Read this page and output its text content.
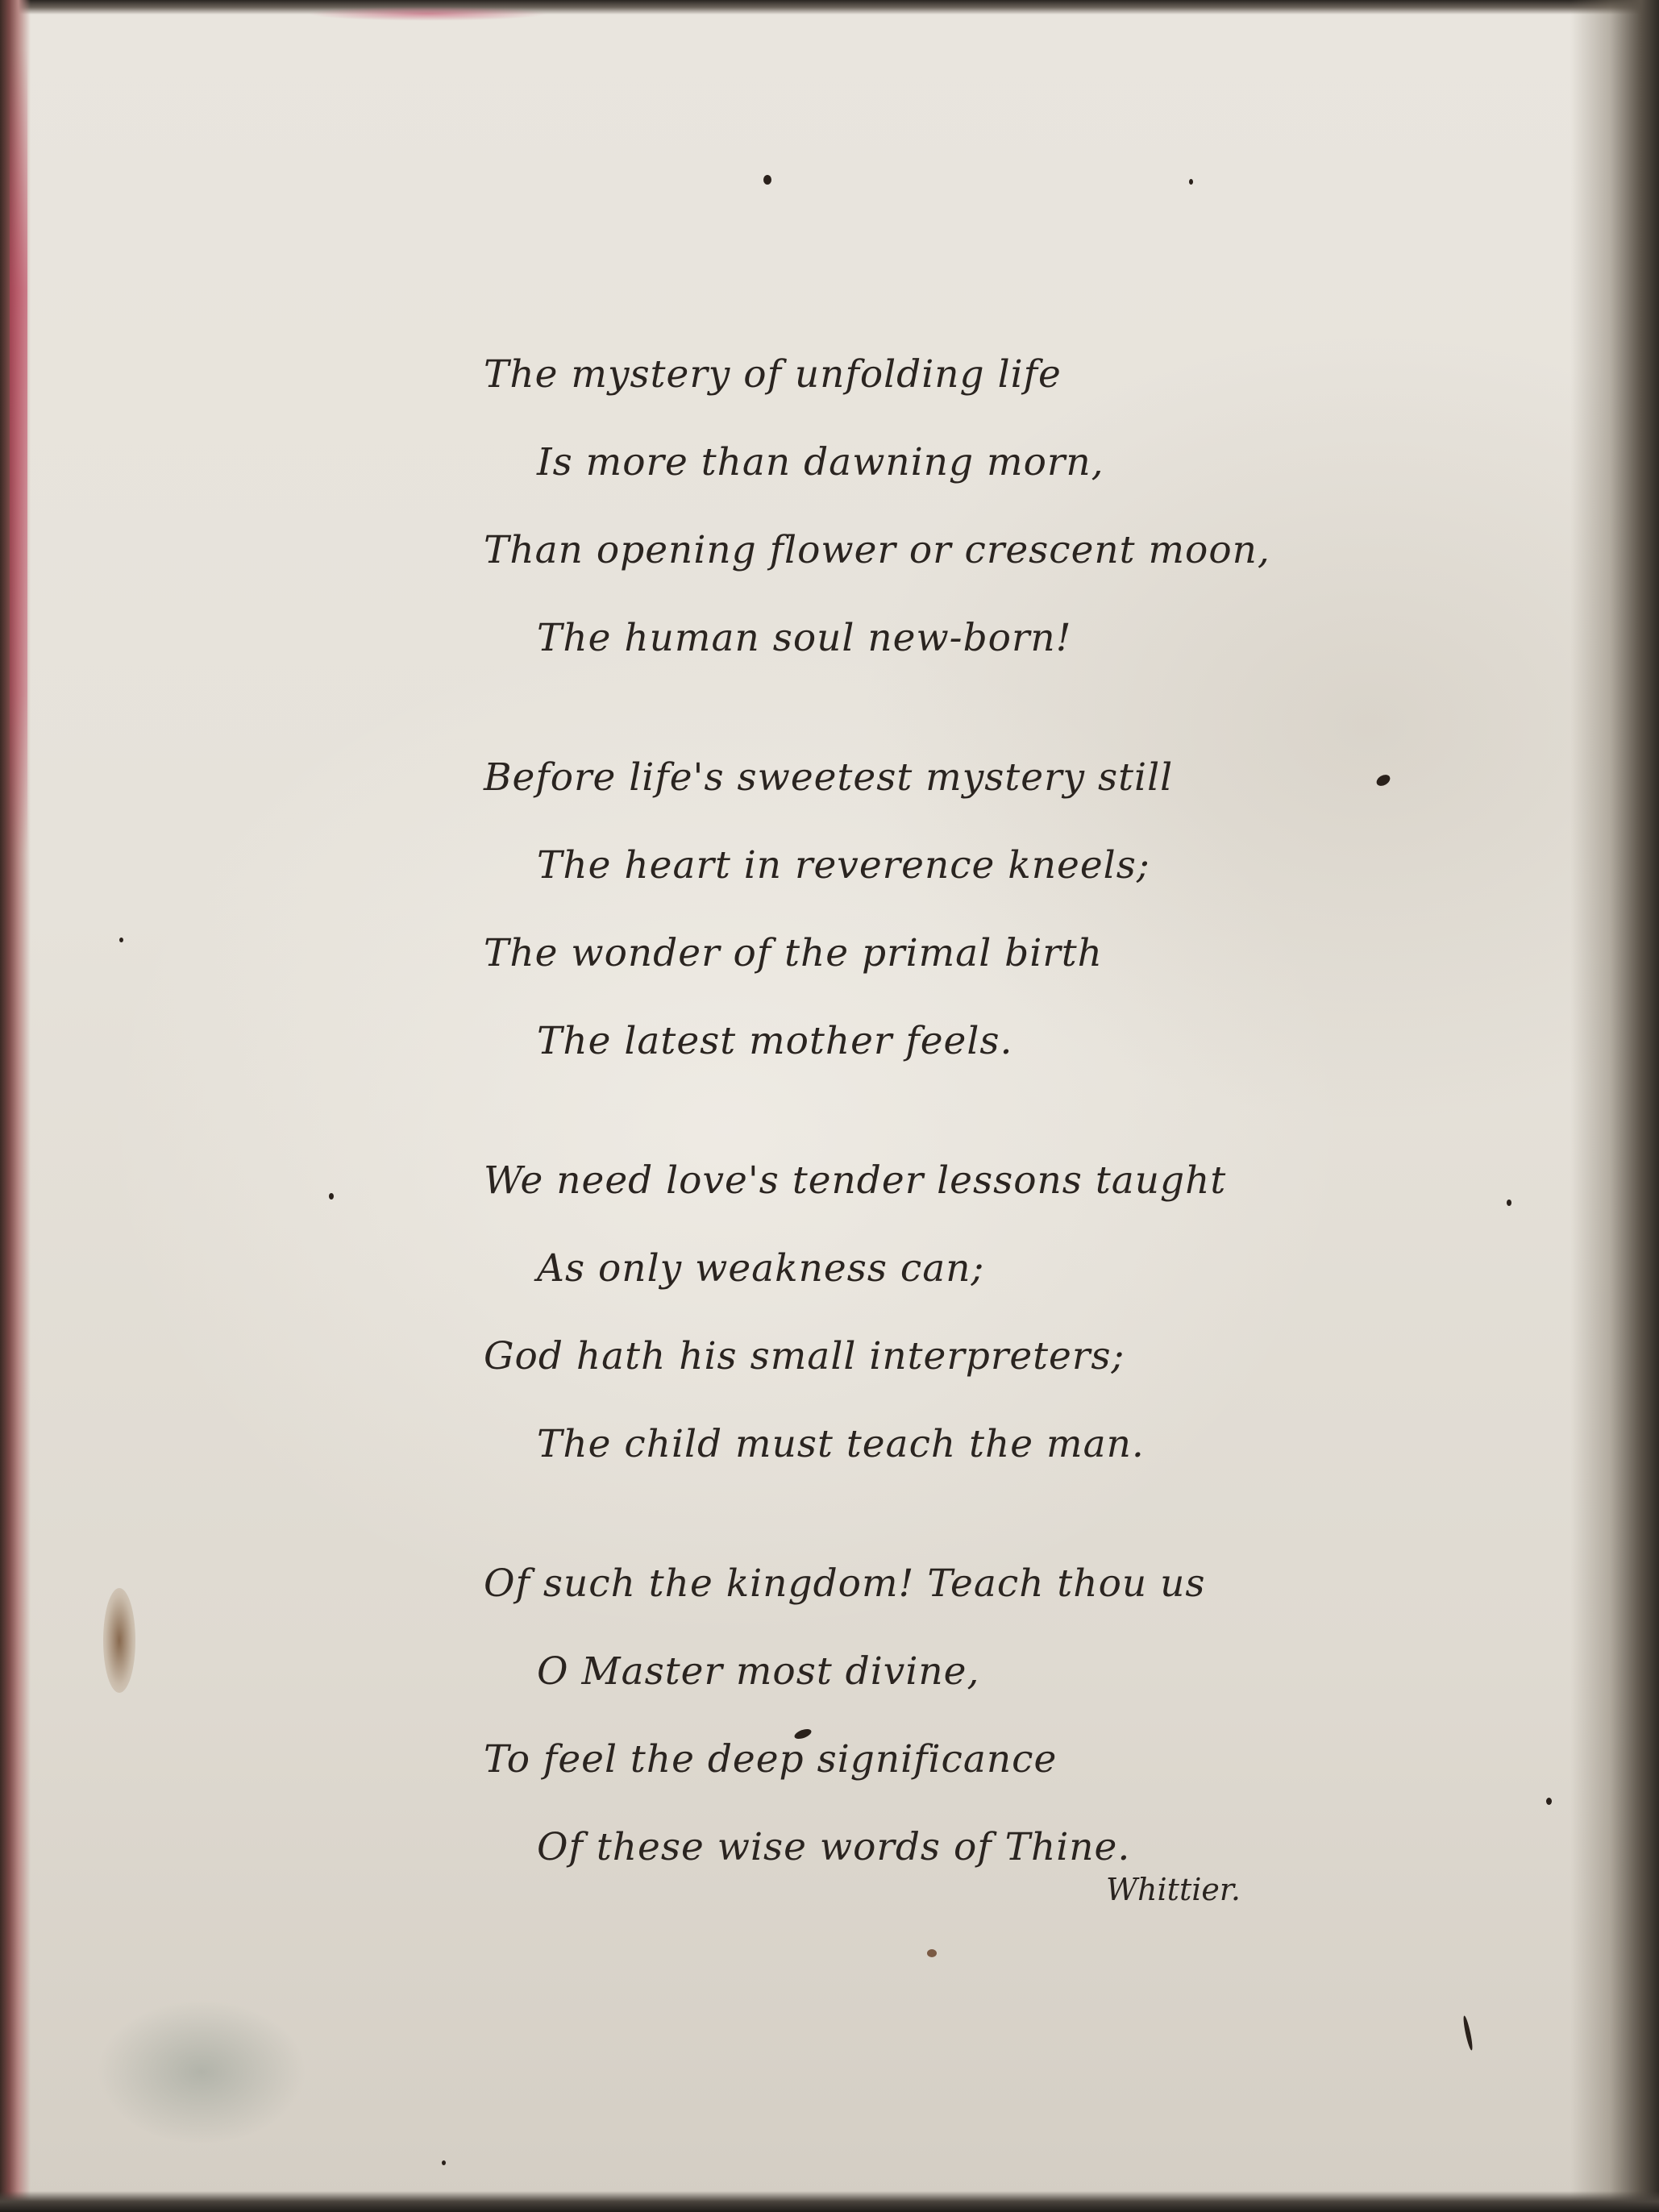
The mystery of unfolding life
Is more than dawning morn,
Than opening flower or crescent moon,
The human soul new-born!
Before life's sweetest mystery still
The heart in reverence kneels;
The wonder of the primal birth
The latest mother feels.
We need love's tender lessons taught
As only weakness can;
God hath his small interpreters;
The child must teach the man.
Of such the kingdom! Teach thou us
O Master most divine,
To feel the deep significance
Of these wise words of Thine.
Whittier.
